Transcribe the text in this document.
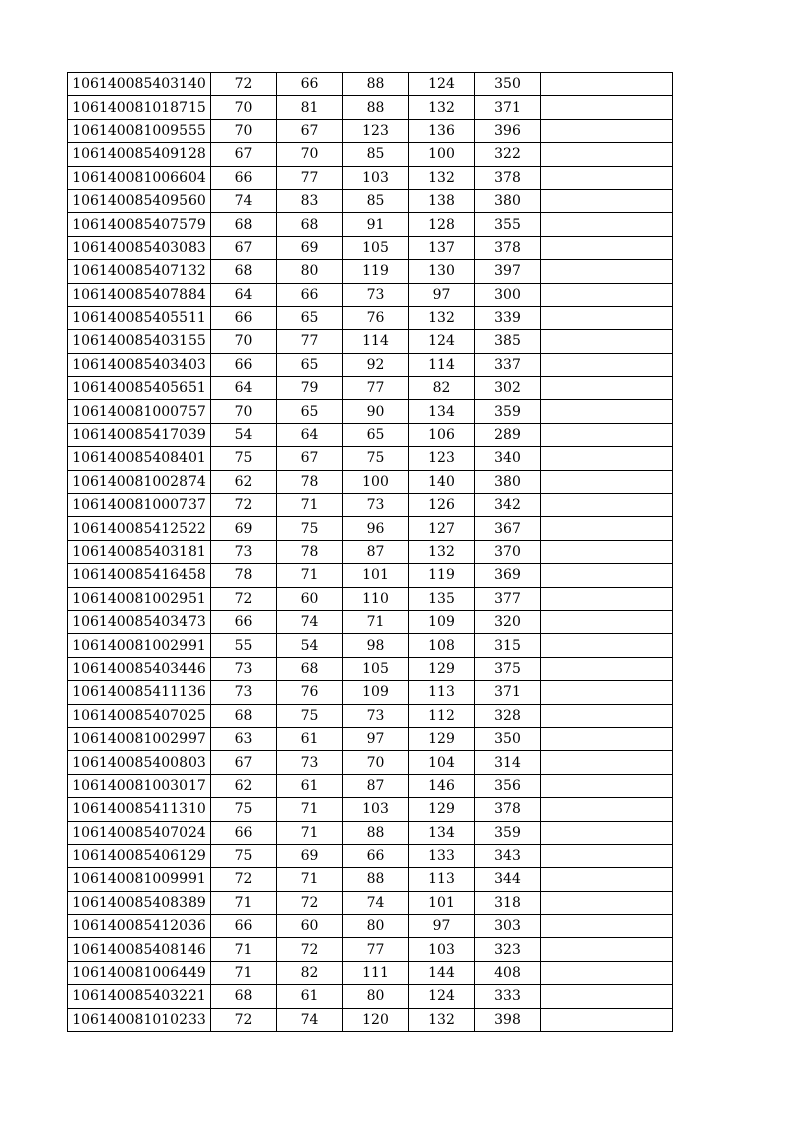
106140085403140	72	66	88	124	350	
106140081018715	70	81	88	132	371	
106140081009555	70	67	123	136	396	
106140085409128	67	70	85	100	322	
106140081006604	66	77	103	132	378	
106140085409560	74	83	85	138	380	
106140085407579	68	68	91	128	355	
106140085403083	67	69	105	137	378	
106140085407132	68	80	119	130	397	
106140085407884	64	66	73	97	300	
106140085405511	66	65	76	132	339	
106140085403155	70	77	114	124	385	
106140085403403	66	65	92	114	337	
106140085405651	64	79	77	82	302	
106140081000757	70	65	90	134	359	
106140085417039	54	64	65	106	289	
106140085408401	75	67	75	123	340	
106140081002874	62	78	100	140	380	
106140081000737	72	71	73	126	342	
106140085412522	69	75	96	127	367	
106140085403181	73	78	87	132	370	
106140085416458	78	71	101	119	369	
106140081002951	72	60	110	135	377	
106140085403473	66	74	71	109	320	
106140081002991	55	54	98	108	315	
106140085403446	73	68	105	129	375	
106140085411136	73	76	109	113	371	
106140085407025	68	75	73	112	328	
106140081002997	63	61	97	129	350	
106140085400803	67	73	70	104	314	
106140081003017	62	61	87	146	356	
106140085411310	75	71	103	129	378	
106140085407024	66	71	88	134	359	
106140085406129	75	69	66	133	343	
106140081009991	72	71	88	113	344	
106140085408389	71	72	74	101	318	
106140085412036	66	60	80	97	303	
106140085408146	71	72	77	103	323	
106140081006449	71	82	111	144	408	
106140085403221	68	61	80	124	333	
106140081010233	72	74	120	132	398	
